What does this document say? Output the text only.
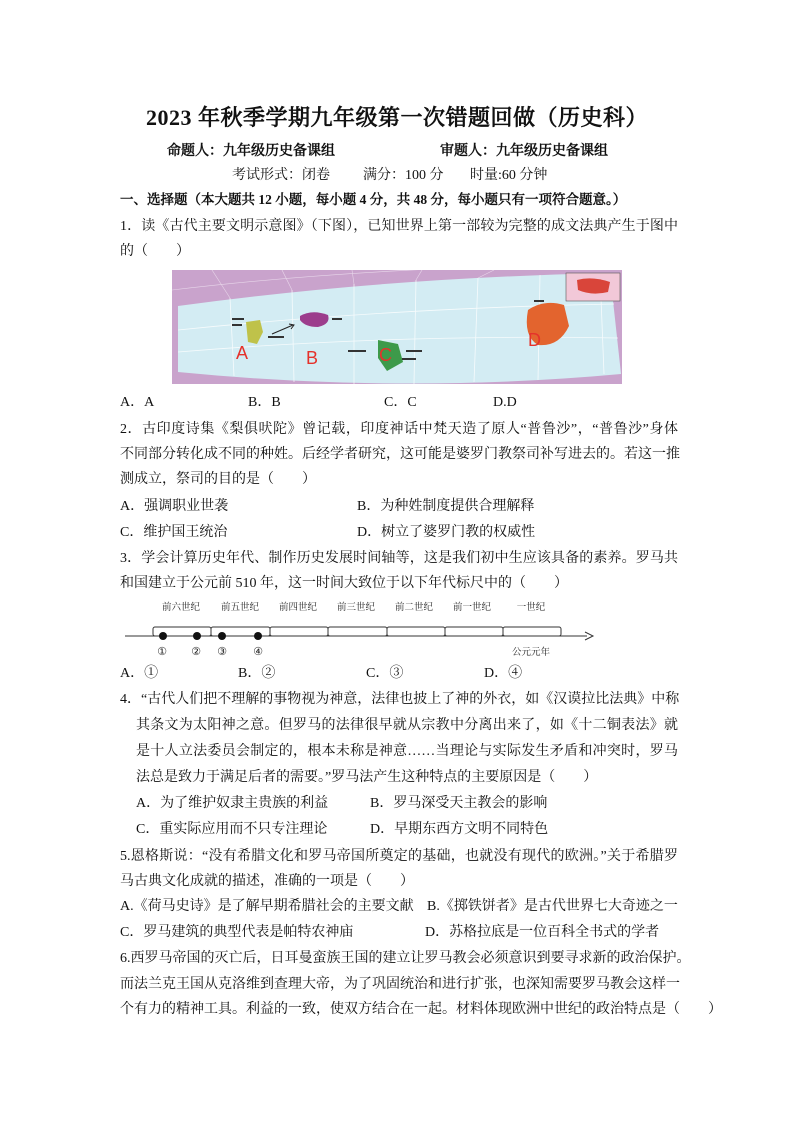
2023 年秋季学期九年级第一次错题回做（历史科）
命题人：九年级历史备课组	审题人：九年级历史备课组
考试形式：闭卷 满分：100 分 时量:60 分钟
一、选择题（本大题共 12 小题，每小题 4 分，共 48 分，每小题只有一项符合题意。）
1．读《古代主要文明示意图》（下图），已知世界上第一部较为完整的成文法典产生于图中
的（　　）
A	B	C
D
A．A	B．B	C．C	D.D
2．古印度诗集《梨俱吠陀》曾记载，印度神话中梵天造了原人“普鲁沙”，“普鲁沙”身体
不同部分转化成不同的种姓。后经学者研究，这可能是婆罗门教祭司补写进去的。若这一推
测成立，祭司的目的是（　　）
A．强调职业世袭	B．为种姓制度提供合理解释
C．维护国王统治	D．树立了婆罗门教的权威性
3．学会计算历史年代、制作历史发展时间轴等，这是我们初中生应该具备的素养。罗马共
和国建立于公元前 510 年，这一时间大致位于以下年代标尺中的（　　）
前六世纪 前五世纪 前四世纪 前三世纪 前二世纪 前一世纪	一世纪
① ② ③ ④	公元元年
A．①	B．②	C．③	D．④
4．“古代人们把不理解的事物视为神意，法律也披上了神的外衣，如《汉谟拉比法典》中称
其条文为太阳神之意。但罗马的法律很早就从宗教中分离出来了，如《十二铜表法》就
是十人立法委员会制定的，根本未称是神意……当理论与实际发生矛盾和冲突时，罗马
法总是致力于满足后者的需要。”罗马法产生这种特点的主要原因是（　　）
A．为了维护奴隶主贵族的利益	B．罗马深受天主教会的影响
C．重实际应用而不只专注理论	D．早期东西方文明不同特色
5.恩格斯说：“没有希腊文化和罗马帝国所奠定的基础，也就没有现代的欧洲。”关于希腊罗
马古典文化成就的描述，准确的一项是（　　）
A.《荷马史诗》是了解早期希腊社会的主要文献 B.《掷铁饼者》是古代世界七大奇迹之一
C．罗马建筑的典型代表是帕特农神庙	D．苏格拉底是一位百科全书式的学者
6.西罗马帝国的灭亡后，日耳曼蛮族王国的建立让罗马教会必须意识到要寻求新的政治保护。
而法兰克王国从克洛维到查理大帝，为了巩固统治和进行扩张，也深知需要罗马教会这样一
个有力的精神工具。利益的一致，使双方结合在一起。材料体现欧洲中世纪的政治特点是（　　）
